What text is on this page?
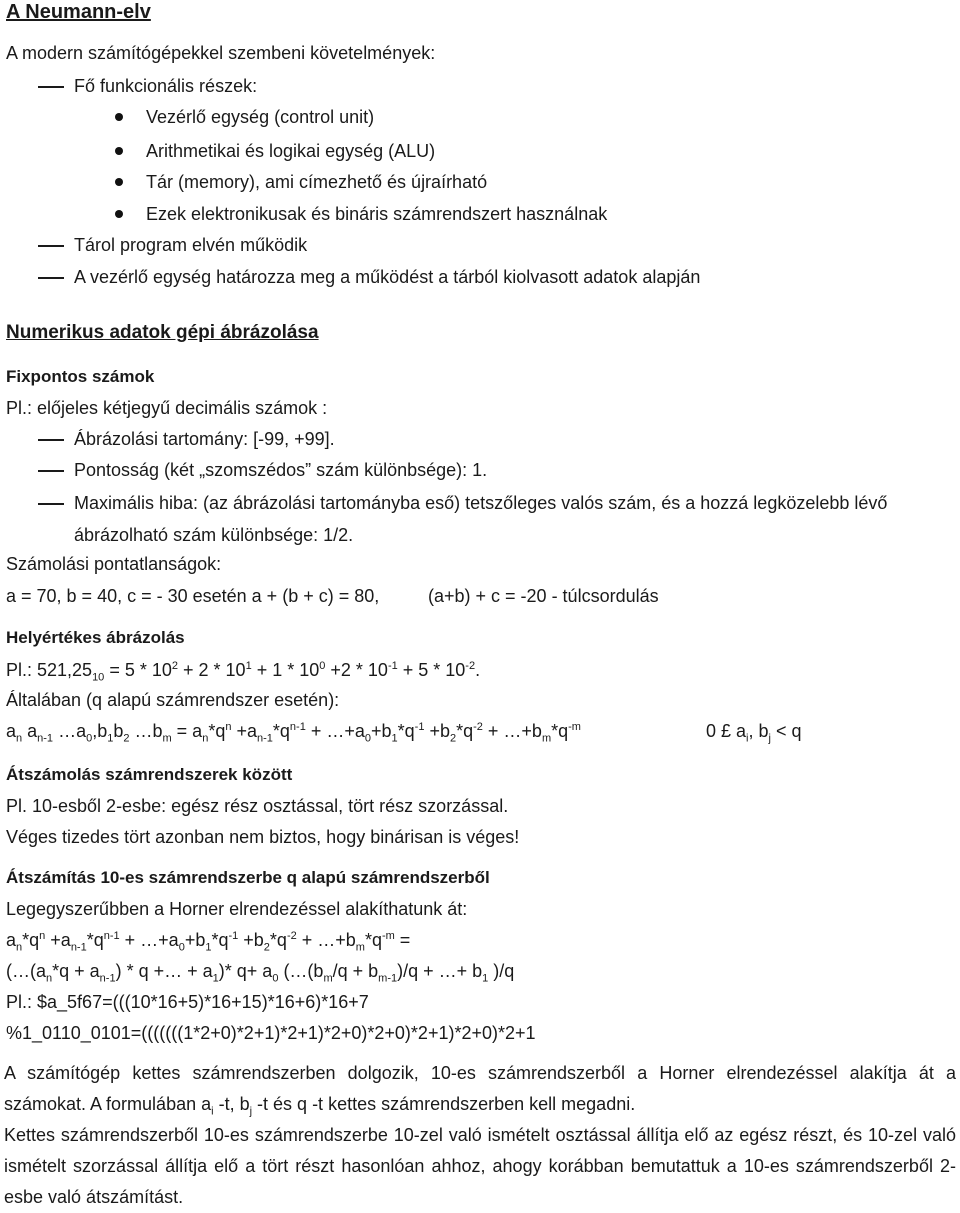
A Neumann-elv
A modern számítógépekkel szembeni követelmények:
Fő funkcionális részek:
Vezérlő egység (control unit)
Arithmetikai és logikai egység (ALU)
Tár (memory), ami címezhető és újraírható
Ezek elektronikusak és bináris számrendszert használnak
Tárol program elvén működik
A vezérlő egység határozza meg a működést a tárból kiolvasott adatok alapján
Numerikus adatok gépi ábrázolása
Fixpontos számok
Pl.: előjeles kétjegyű decimális számok :
Ábrázolási tartomány: [-99, +99].
Pontosság (két „szomszédos” szám különbsége): 1.
Maximális hiba: (az ábrázolási tartományba eső) tetszőleges valós szám, és a hozzá legközelebb lévő
ábrázolható szám különbsége: 1/2.
Számolási pontatlanságok:
a = 70, b = 40, c = - 30 esetén a + (b + c) = 80,	(a+b) + c = -20 - túlcsordulás
Helyértékes ábrázolás
Pl.: $521,25_{10} = 5 * 10^2 + 2 * 10^1 + 1 * 10^0 +2 * 10^{-1} + 5 * 10^{-2}$.
Általában (q alapú számrendszer esetén):
$a_n$ $a_{n-1}$ $\dots a_0,b_1b_2$ $\dots b_m = a_n*q^n +a_{n-1}*q^{n-1}$ + $\dots+a_0+b_1*q^{-1} +b_2*q^{-2}$ + $\dots+b_m*q^{-m}$	0 £ $a_i$, $b_j < q$
Átszámolás számrendszerek között
Pl. 10-esből 2-esbe: egész rész osztással, tört rész szorzással.
Véges tizedes tört azonban nem biztos, hogy binárisan is véges!
Átszámítás 10-es számrendszerbe q alapú számrendszerből
Legegyszerűbben a Horner elrendezéssel alakíthatunk át:
$a_n*q^n +a_{n-1}*q^{n-1}$ + $\dots+a_0+b_1*q^{-1} +b_2*q^{-2}$ + $\dots+b_m*q^{-m}$ =
($\dots(a_n*q + a_{n-1}) * q$ +… + $a_1)*$ $q+ a_0$ ($\dots(b_m/q + b_{m-1})/q$ + …+ $b_1$ )/q
Pl.: $a_5f67=(((10*16+5)*16+15)*16+6)*16+7
%1_0110_0101=(((((((1*2+0)*2+1)*2+1)*2+0)*2+0)*2+1)*2+0)*2+1
A számítógép kettes számrendszerben dolgozik, 10-es számrendszerből a Horner elrendezéssel alakítja át a számokat. A formulában $a_i$ -t, $b_j$ -t és q -t kettes számrendszerben kell megadni.
Kettes számrendszerből 10-es számrendszerbe 10-zel való ismételt osztással állítja elő az egész részt, és 10-zel való ismételt szorzással állítja elő a tört részt hasonlóan ahhoz, ahogy korábban bemutattuk a 10-es számrendszerből 2-esbe való átszámítást.
